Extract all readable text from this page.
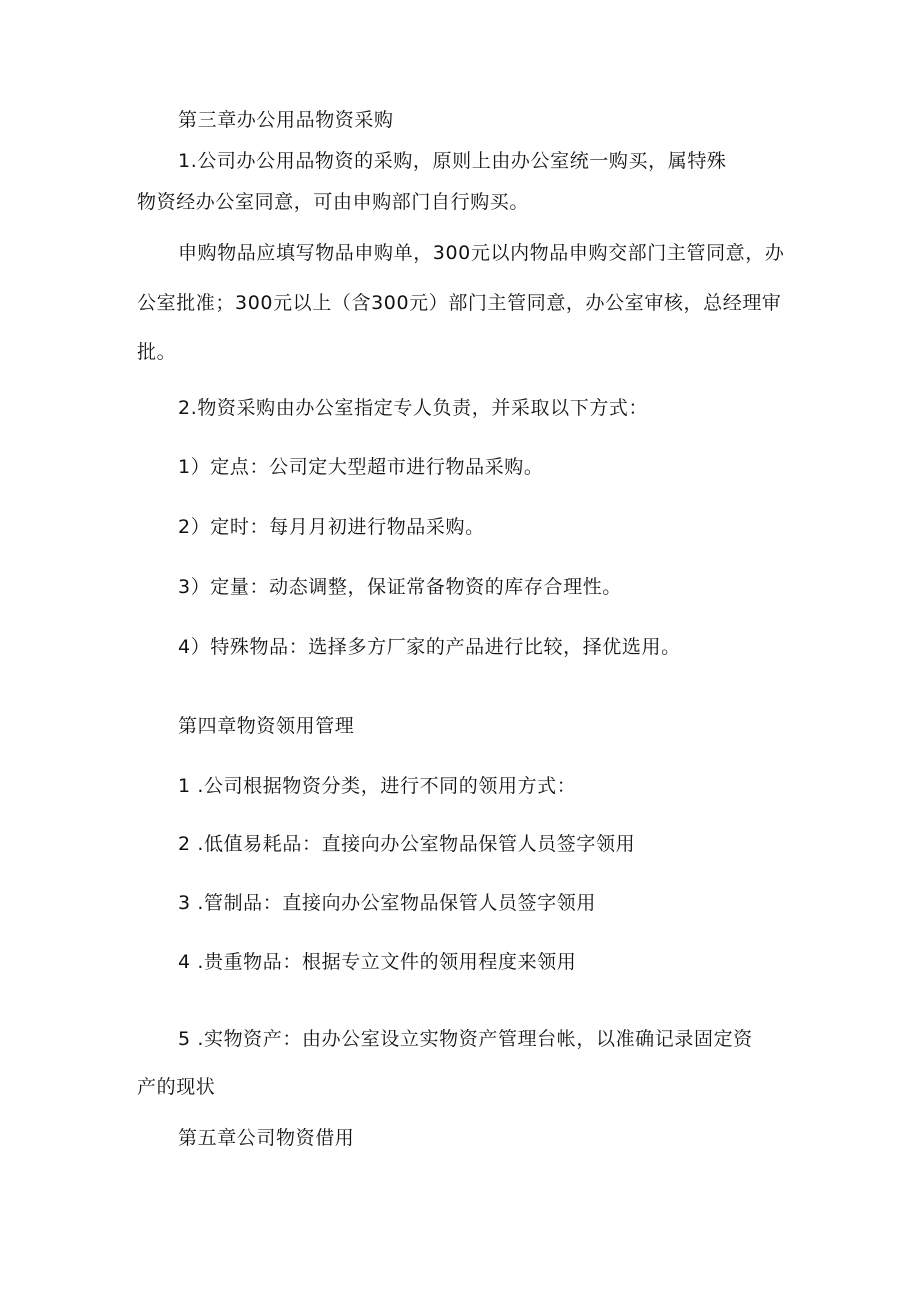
第三章办公用品物资采购
1.公司办公用品物资的采购，原则上由办公室统一购买，属特殊
物资经办公室同意，可由申购部门自行购买。
申购物品应填写物品申购单，300元以内物品申购交部门主管同意，办
公室批准；300元以上（含300元）部门主管同意，办公室审核，总经理审
批。
2.物资采购由办公室指定专人负责，并采取以下方式：
1）定点：公司定大型超市进行物品采购。
2）定时：每月月初进行物品采购。
3）定量：动态调整，保证常备物资的库存合理性。
4）特殊物品：选择多方厂家的产品进行比较，择优选用。
第四章物资领用管理
1 .公司根据物资分类，进行不同的领用方式：
2 .低值易耗品：直接向办公室物品保管人员签字领用
3 .管制品：直接向办公室物品保管人员签字领用
4 .贵重物品：根据专立文件的领用程度来领用
5 .实物资产：由办公室设立实物资产管理台帐，以准确记录固定资
产的现状
第五章公司物资借用
